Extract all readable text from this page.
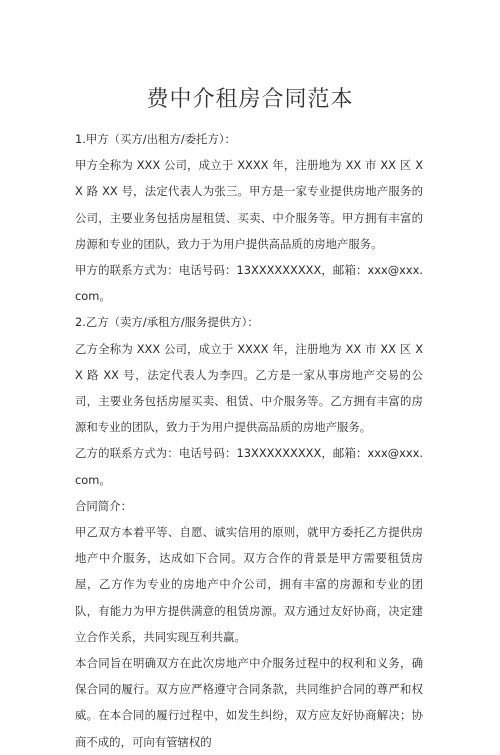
费中介租房合同范本

1.甲方（买方/出租方/委托方）：

甲方全称为 XXX 公司，成立于 XXXX 年，注册地为 XX 市 XX 区 XX 路 XX 号，法定代表人为张三。甲方是一家专业提供房地产服务的公司，主要业务包括房屋租赁、买卖、中介服务等。甲方拥有丰富的房源和专业的团队，致力于为用户提供高品质的房地产服务。

甲方的联系方式为：电话号码：13XXXXXXXXX，邮箱：xxx@xxx.com。

2.乙方（卖方/承租方/服务提供方）：

乙方全称为 XXX 公司，成立于 XXXX 年，注册地为 XX 市 XX 区 XX 路 XX 号，法定代表人为李四。乙方是一家从事房地产交易的公司，主要业务包括房屋买卖、租赁、中介服务等。乙方拥有丰富的房源和专业的团队，致力于为用户提供高品质的房地产服务。

乙方的联系方式为：电话号码：13XXXXXXXXX，邮箱：xxx@xxx.com。

合同简介：

甲乙双方本着平等、自愿、诚实信用的原则，就甲方委托乙方提供房地产中介服务，达成如下合同。双方合作的背景是甲方需要租赁房屋，乙方作为专业的房地产中介公司，拥有丰富的房源和专业的团队，有能力为甲方提供满意的租赁房源。双方通过友好协商，决定建立合作关系，共同实现互利共赢。

本合同旨在明确双方在此次房地产中介服务过程中的权利和义务，确保合同的履行。双方应严格遵守合同条款，共同维护合同的尊严和权威。在本合同的履行过程中，如发生纠纷，双方应友好协商解决；协商不成的，可向有管辖权的
